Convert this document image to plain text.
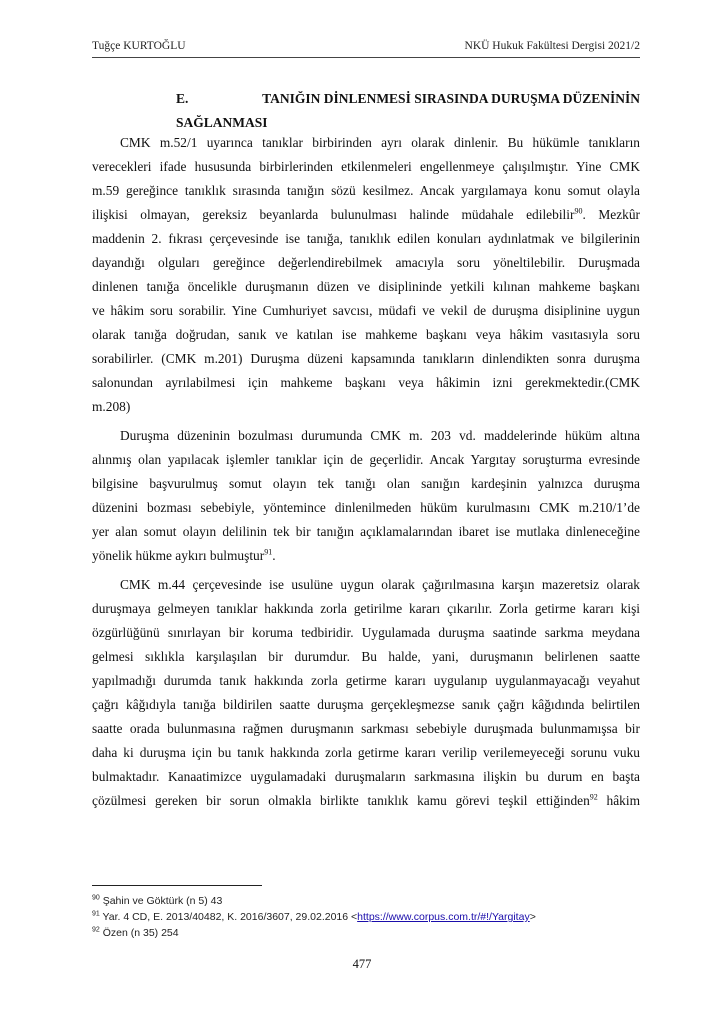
Tuğçe KURTOĞLU	NKÜ Hukuk Fakültesi Dergisi 2021/2
E.	TANIĞIN DİNLENMESİ SIRASINDA DURUŞMA DÜZENİNİN
SAĞLANMASI

CMK m.52/1 uyarınca tanıklar birbirinden ayrı olarak dinlenir. Bu hükümle tanıkların
verecekleri ifade hususunda birbirlerinden etkilenmeleri engellenmeye çalışılmıştır. Yine CMK
m.59 gereğince tanıklık sırasında tanığın sözü kesilmez. Ancak yargılamaya konu somut olayla
ilişkisi olmayan, gereksiz beyanlarda bulunulması halinde müdahale edilebilir$^{90}$. Mezkûr
maddenin 2. fıkrası çerçevesinde ise tanığa, tanıklık edilen konuları aydınlatmak ve bilgilerinin
dayandığı olguları gereğince değerlendirebilmek amacıyla soru yöneltilebilir. Duruşmada
dinlenen tanığa öncelikle duruşmanın düzen ve disiplininde yetkili kılınan mahkeme başkanı
ve hâkim soru sorabilir. Yine Cumhuriyet savcısı, müdafi ve vekil de duruşma disiplinine uygun
olarak tanığa doğrudan, sanık ve katılan ise mahkeme başkanı veya hâkim vasıtasıyla soru
sorabilirler. (CMK m.201) Duruşma düzeni kapsamında tanıkların dinlendikten sonra duruşma
salonundan ayrılabilmesi için mahkeme başkanı veya hâkimin izni gerekmektedir.(CMK
m.208)

Duruşma düzeninin bozulması durumunda CMK m. 203 vd. maddelerinde hüküm altına
alınmış olan yapılacak işlemler tanıklar için de geçerlidir. Ancak Yargıtay soruşturma evresinde
bilgisine başvurulmuş somut olayın tek tanığı olan sanığın kardeşinin yalnızca duruşma
düzenini bozması sebebiyle, yöntemince dinlenilmeden hüküm kurulmasını CMK m.210/1’de
yer alan somut olayın delilinin tek bir tanığın açıklamalarından ibaret ise mutlaka dinleneceğine
yönelik hükme aykırı bulmuştur$^{91}$.

CMK m.44 çerçevesinde ise usulüne uygun olarak çağırılmasına karşın mazeretsiz olarak
duruşmaya gelmeyen tanıklar hakkında zorla getirilme kararı çıkarılır. Zorla getirme kararı kişi
özgürlüğünü sınırlayan bir koruma tedbiridir. Uygulamada duruşma saatinde sarkma meydana
gelmesi sıklıkla karşılaşılan bir durumdur. Bu halde, yani, duruşmanın belirlenen saatte
yapılmadığı durumda tanık hakkında zorla getirme kararı uygulanıp uygulanmayacağı veyahut
çağrı kâğıdıyla tanığa bildirilen saatte duruşma gerçekleşmezse sanık çağrı kâğıdında belirtilen
saatte orada bulunmasına rağmen duruşmanın sarkması sebebiyle duruşmada bulunmamışsa bir
daha ki duruşma için bu tanık hakkında zorla getirme kararı verilip verilemeyeceği sorunu vuku
bulmaktadır. Kanaatimizce uygulamadaki duruşmaların sarkmasına ilişkin bu durum en başta
çözülmesi gereken bir sorun olmakla birlikte tanıklık kamu görevi teşkil ettiğinden$^{92}$ hâkim

$^{90}$ Şahin ve Göktürk (n 5) 43
$^{91}$ Yar. 4 CD, E. 2013/40482, K. 2016/3607, 29.02.2016 <https://www.corpus.com.tr/#!/Yargitay>
$^{92}$ Özen (n 35) 254
477
